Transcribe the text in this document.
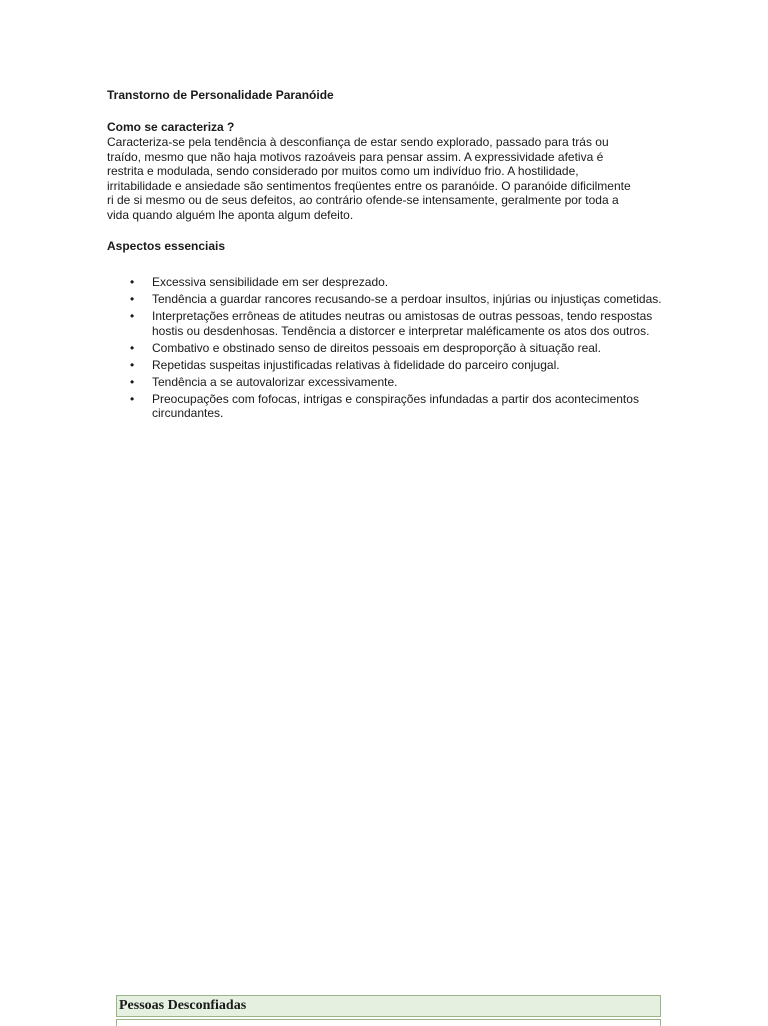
Transtorno de Personalidade Paranóide
Como se caracteriza ?

Caracteriza-se pela tendência à desconfiança de estar sendo explorado, passado para trás ou traído, mesmo que não haja motivos razoáveis para pensar assim. A expressividade afetiva é restrita e modulada, sendo considerado por muitos como um indivíduo frio. A hostilidade, irritabilidade e ansiedade são sentimentos freqüentes entre os paranóide. O paranóide dificilmente ri de si mesmo ou de seus defeitos, ao contrário ofende-se intensamente, geralmente por toda a vida quando alguém lhe aponta algum defeito.

Aspectos essenciais
• Excessiva sensibilidade em ser desprezado.
• Tendência a guardar rancores recusando-se a perdoar insultos, injúrias ou injustiças cometidas.
• Interpretações errôneas de atitudes neutras ou amistosas de outras pessoas, tendo respostas hostis ou desdenhosas. Tendência a distorcer e interpretar maléficamente os atos dos outros.
• Combativo e obstinado senso de direitos pessoais em desproporção à situação real.
• Repetidas suspeitas injustificadas relativas à fidelidade do parceiro conjugal.
• Tendência a se autovalorizar excessivamente.
• Preocupações com fofocas, intrigas e conspirações infundadas a partir dos acontecimentos circundantes.
Pessoas Desconfiadas
